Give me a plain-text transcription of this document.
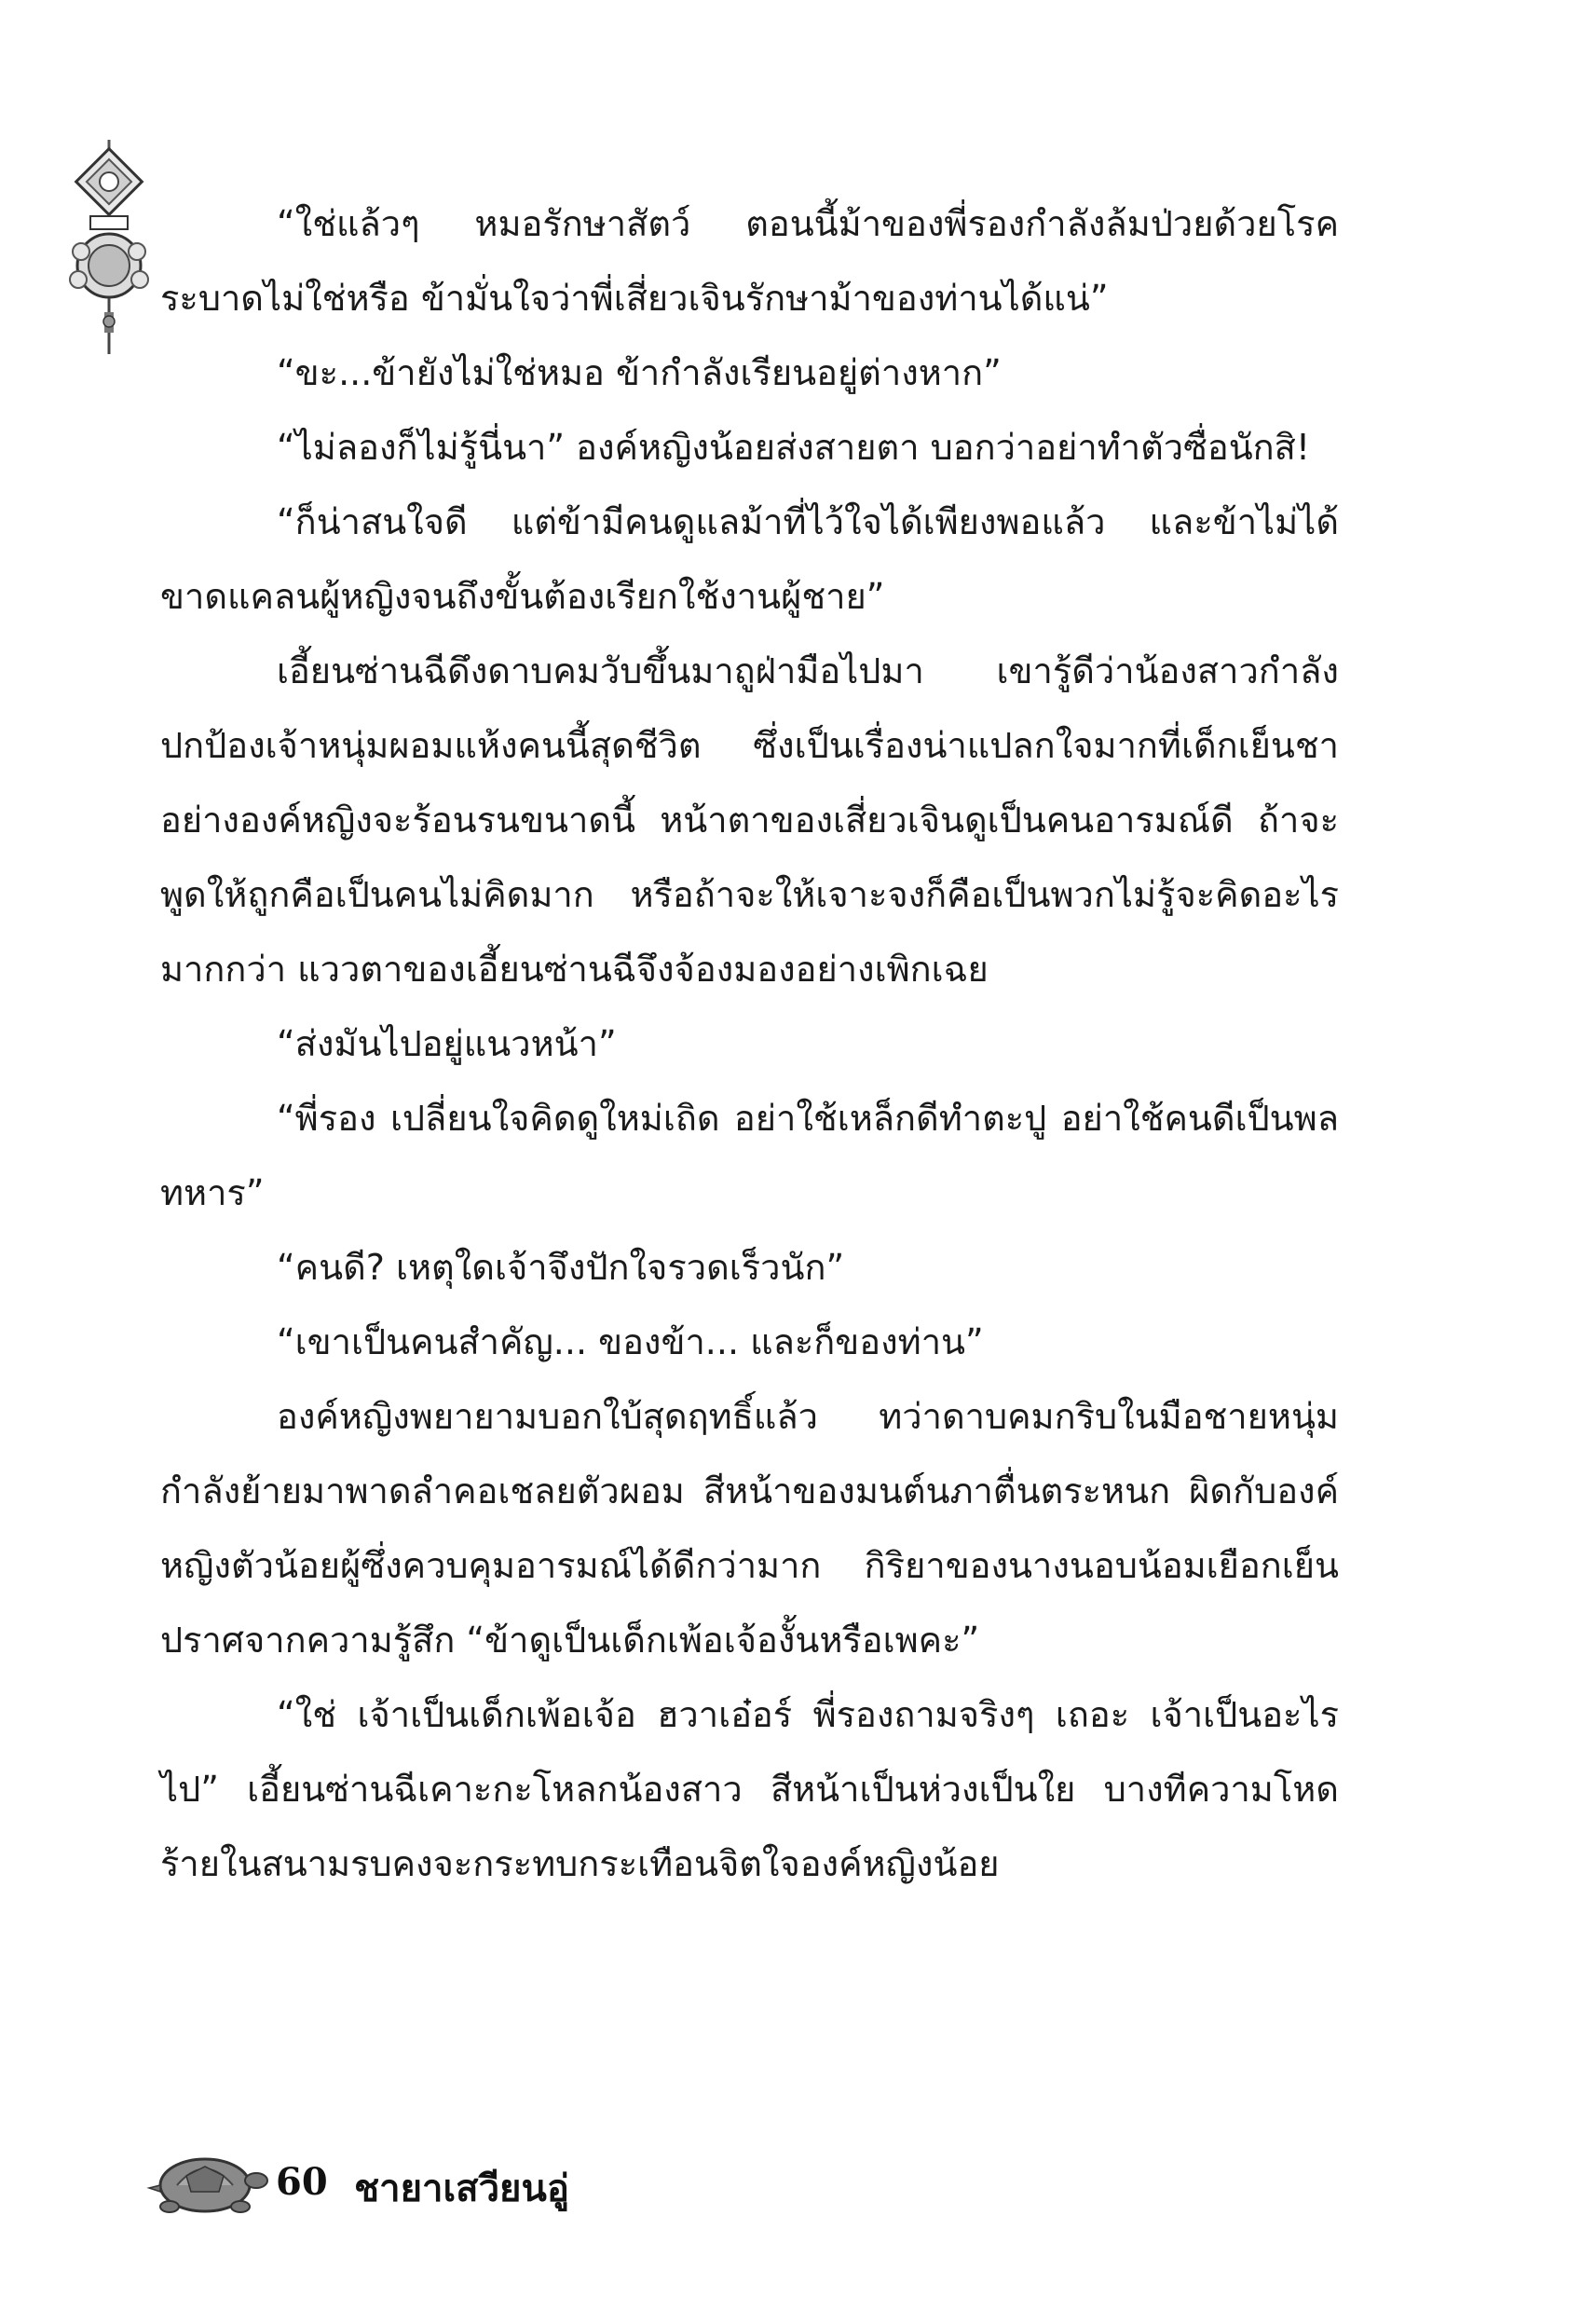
“ใช่แล้วๆ หมอรักษาสัตว์ ตอนนี้ม้าของพี่รองกำลังล้มป่วยด้วยโรคระบาดไม่ใช่หรือ ข้ามั่นใจว่าพี่เสี่ยวเจินรักษาม้าของท่านได้แน่”

“ขะ...ข้ายังไม่ใช่หมอ ข้ากำลังเรียนอยู่ต่างหาก”

“ไม่ลองก็ไม่รู้นี่นา” องค์หญิงน้อยส่งสายตา บอกว่าอย่าทำตัวซื่อนักสิ!

“ก็น่าสนใจดี แต่ข้ามีคนดูแลม้าที่ไว้ใจได้เพียงพอแล้ว และข้าไม่ได้ขาดแคลนผู้หญิงจนถึงขั้นต้องเรียกใช้งานผู้ชาย”

เอี้ยนซ่านฉีดึงดาบคมวับขึ้นมาถูฝ่ามือไปมา เขารู้ดีว่าน้องสาวกำลังปกป้องเจ้าหนุ่มผอมแห้งคนนี้สุดชีวิต ซึ่งเป็นเรื่องน่าแปลกใจมากที่เด็กเย็นชาอย่างองค์หญิงจะร้อนรนขนาดนี้ หน้าตาของเสี่ยวเจินดูเป็นคนอารมณ์ดี ถ้าจะพูดให้ถูกคือเป็นคนไม่คิดมาก หรือถ้าจะให้เจาะจงก็คือเป็นพวกไม่รู้จะคิดอะไรมากกว่า แววตาของเอี้ยนซ่านฉีจึงจ้องมองอย่างเพิกเฉย

“ส่งมันไปอยู่แนวหน้า”

“พี่รอง เปลี่ยนใจคิดดูใหม่เถิด อย่าใช้เหล็กดีทำตะปู อย่าใช้คนดีเป็นพลทหาร”

“คนดี? เหตุใดเจ้าจึงปักใจรวดเร็วนัก”

“เขาเป็นคนสำคัญ... ของข้า... และก็ของท่าน”

องค์หญิงพยายามบอกใบ้สุดฤทธิ์แล้ว ทว่าดาบคมกริบในมือชายหนุ่มกำลังย้ายมาพาดลำคอเชลยตัวผอม สีหน้าของมนต์นภาตื่นตระหนก ผิดกับองค์หญิงตัวน้อยผู้ซึ่งควบคุมอารมณ์ได้ดีกว่ามาก กิริยาของนางนอบน้อมเยือกเย็นปราศจากความรู้สึก “ข้าดูเป็นเด็กเพ้อเจ้องั้นหรือเพคะ”

“ใช่ เจ้าเป็นเด็กเพ้อเจ้อ ฮวาเอ๋อร์ พี่รองถามจริงๆ เถอะ เจ้าเป็นอะไรไป” เอี้ยนซ่านฉีเคาะกะโหลกน้องสาว สีหน้าเป็นห่วงเป็นใย บางทีความโหดร้ายในสนามรบคงจะกระทบกระเทือนจิตใจองค์หญิงน้อย

60 ชายาเสวียนอู่
